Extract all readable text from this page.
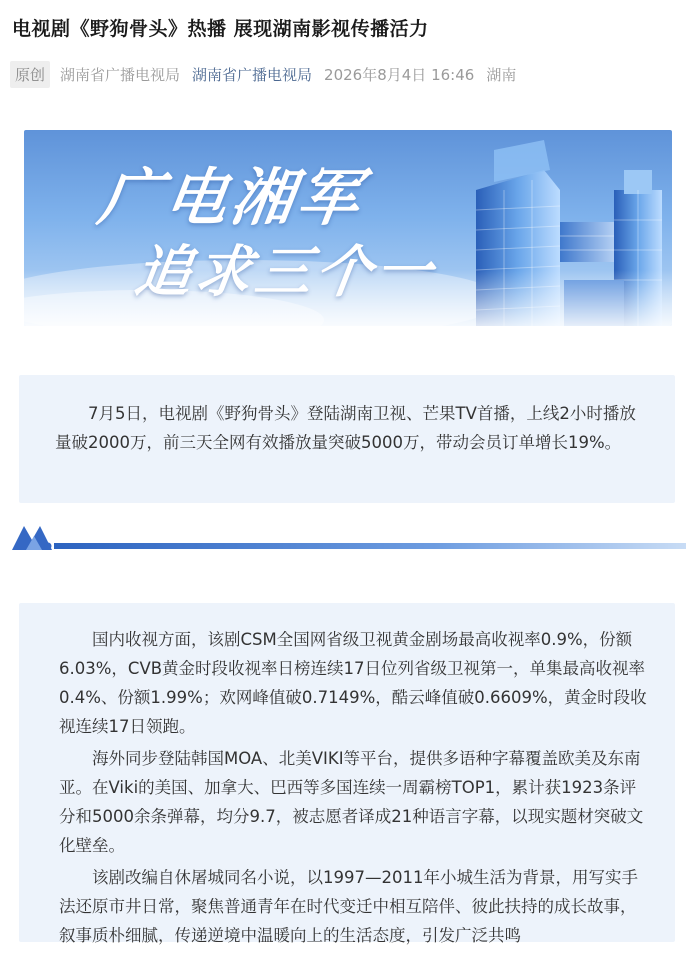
电视剧《野狗骨头》热播 展现湖南影视传播活力
原创	湖南省广播电视局 湖南省广播电视局 2026年8月4日 16:46 湖南
广电湘军
追求三个一
7月5日，电视剧《野狗骨头》登陆湖南卫视、芒果TV首播，上线2小时播放量破2000万，前三天全网有效播放量突破5000万，带动会员订单增长19%。

国内收视方面，该剧CSM全国网省级卫视黄金剧场最高收视率0.9%，份额6.03%，CVB黄金时段收视率日榜连续17日位列省级卫视第一，单集最高收视率0.4%、份额1.99%；欢网峰值破0.7149%，酷云峰值破0.6609%，黄金时段收视连续17日领跑。

海外同步登陆韩国MOA、北美VIKI等平台，提供多语种字幕覆盖欧美及东南亚。在Viki的美国、加拿大、巴西等多国连续一周霸榜TOP1，累计获1923条评分和5000余条弹幕，均分9.7，被志愿者译成21种语言字幕，以现实题材突破文化壁垒。

该剧改编自休屠城同名小说，以1997—2011年小城生活为背景，用写实手法还原市井日常，聚焦普通青年在时代变迁中相互陪伴、彼此扶持的成长故事，叙事质朴细腻，传递逆境中温暖向上的生活态度，引发广泛共鸣
